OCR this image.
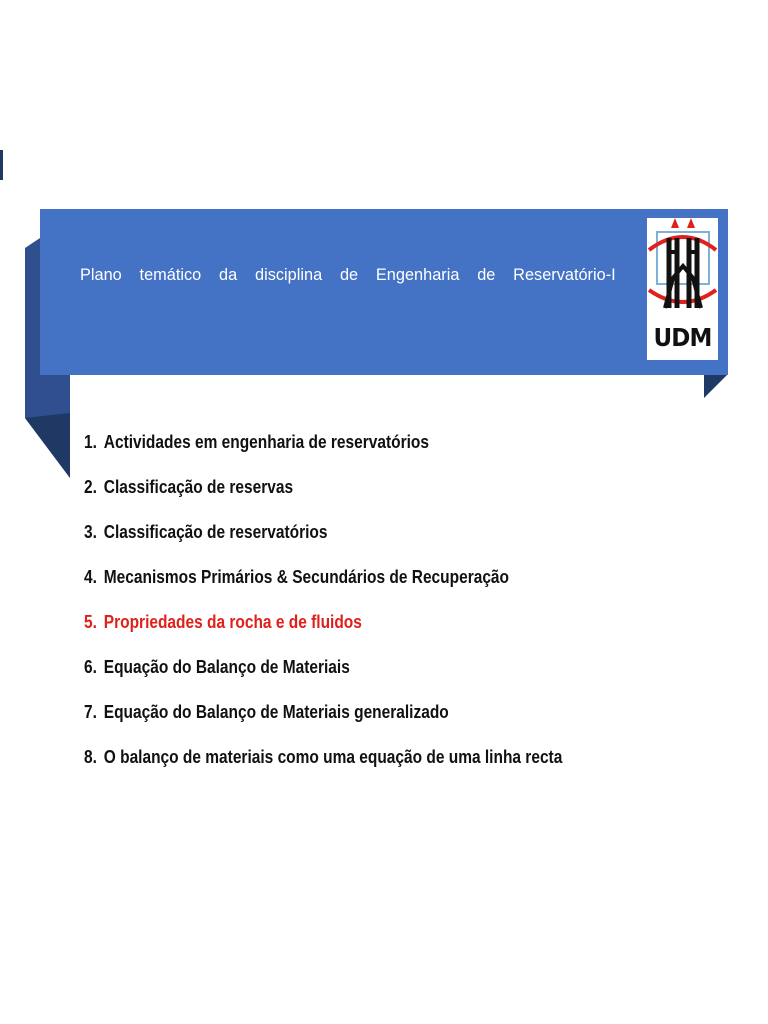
Plano temático da disciplina de Engenharia de Reservatório-I
UDM
1. Actividades em engenharia de reservatórios
2. Classificação de reservas
3. Classificação de reservatórios
4. Mecanismos Primários & Secundários de Recuperação
5. Propriedades da rocha e de fluidos
6. Equação do Balanço de Materiais
7. Equação do Balanço de Materiais generalizado
8. O balanço de materiais como uma equação de uma linha recta
